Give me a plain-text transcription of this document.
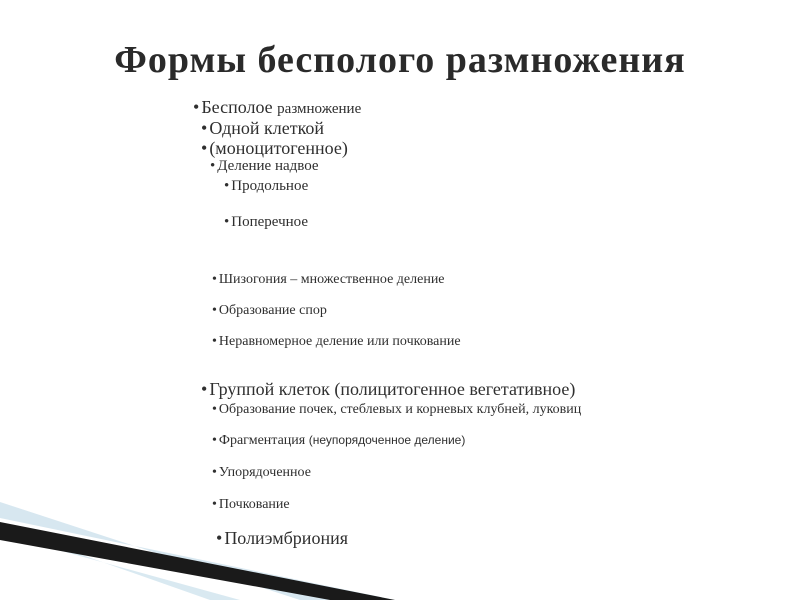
Формы бесполого размножения
• Бесполое размножение
• Одной клеткой
• (моноцитогенное)
• Деление надвое
• Продольное
• Поперечное
• Шизогония – множественное деление
• Образование спор
• Неравномерное деление или почкование
• Группой клеток (полицитогенное вегетативное)
• Образование почек, стеблевых и корневых клубней, луковиц
• Фрагментация (неупорядоченное деление)
• Упорядоченное
• Почкование
• Полиэмбриония
